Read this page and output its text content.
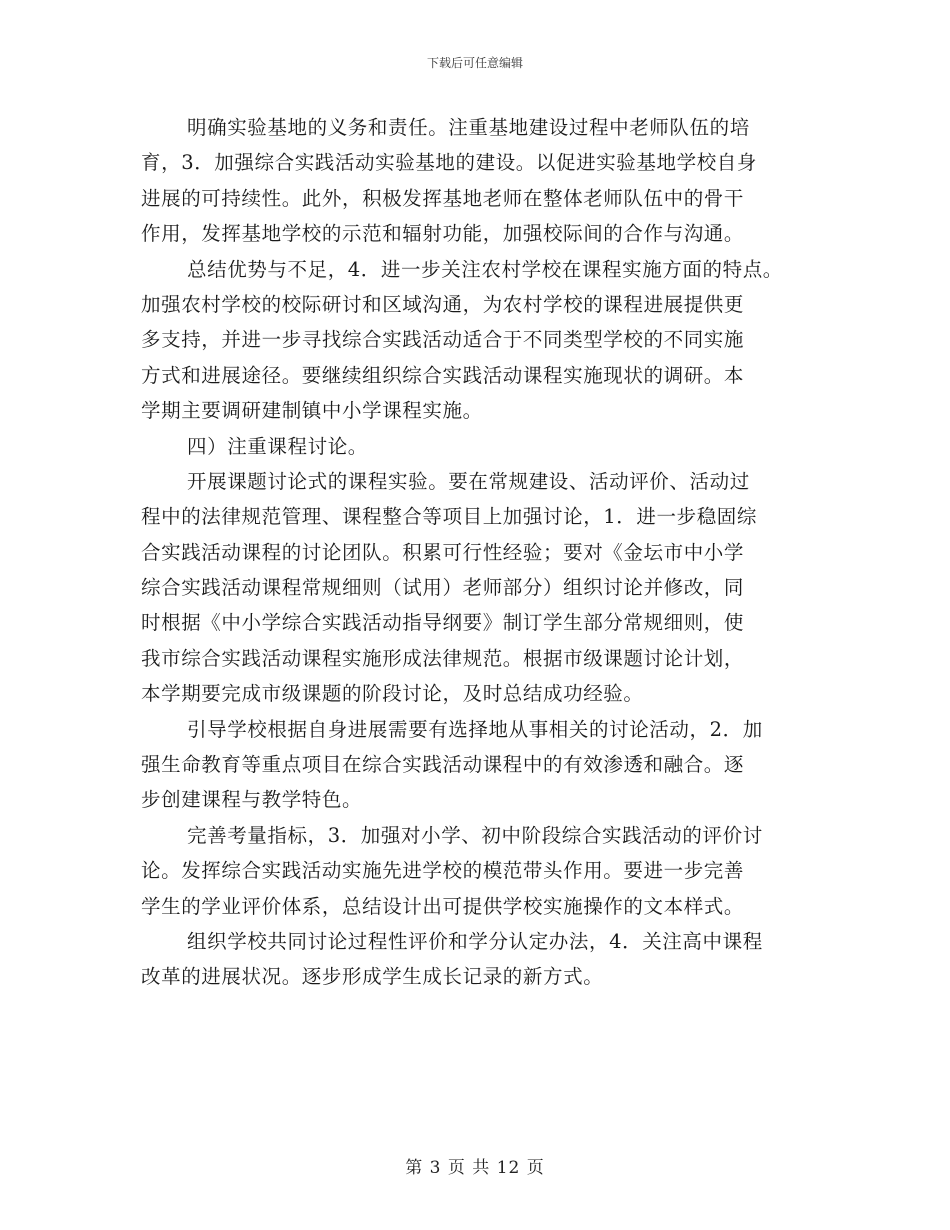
下载后可任意编辑
明确实验基地的义务和责任。注重基地建设过程中老师队伍的培
育，3．加强综合实践活动实验基地的建设。以促进实验基地学校自身
进展的可持续性。此外，积极发挥基地老师在整体老师队伍中的骨干
作用，发挥基地学校的示范和辐射功能，加强校际间的合作与沟通。
总结优势与不足，4．进一步关注农村学校在课程实施方面的特点。
加强农村学校的校际研讨和区域沟通，为农村学校的课程进展提供更
多支持，并进一步寻找综合实践活动适合于不同类型学校的不同实施
方式和进展途径。要继续组织综合实践活动课程实施现状的调研。本
学期主要调研建制镇中小学课程实施。
四）注重课程讨论。
开展课题讨论式的课程实验。要在常规建设、活动评价、活动过
程中的法律规范管理、课程整合等项目上加强讨论，1．进一步稳固综
合实践活动课程的讨论团队。积累可行性经验；要对《金坛市中小学
综合实践活动课程常规细则（试用）老师部分）组织讨论并修改，同
时根据《中小学综合实践活动指导纲要》制订学生部分常规细则，使
我市综合实践活动课程实施形成法律规范。根据市级课题讨论计划，
本学期要完成市级课题的阶段讨论，及时总结成功经验。
引导学校根据自身进展需要有选择地从事相关的讨论活动，2．加
强生命教育等重点项目在综合实践活动课程中的有效渗透和融合。逐
步创建课程与教学特色。
完善考量指标，3．加强对小学、初中阶段综合实践活动的评价讨
论。发挥综合实践活动实施先进学校的模范带头作用。要进一步完善
学生的学业评价体系，总结设计出可提供学校实施操作的文本样式。
组织学校共同讨论过程性评价和学分认定办法，4．关注高中课程
改革的进展状况。逐步形成学生成长记录的新方式。
第 3 页 共 12 页
